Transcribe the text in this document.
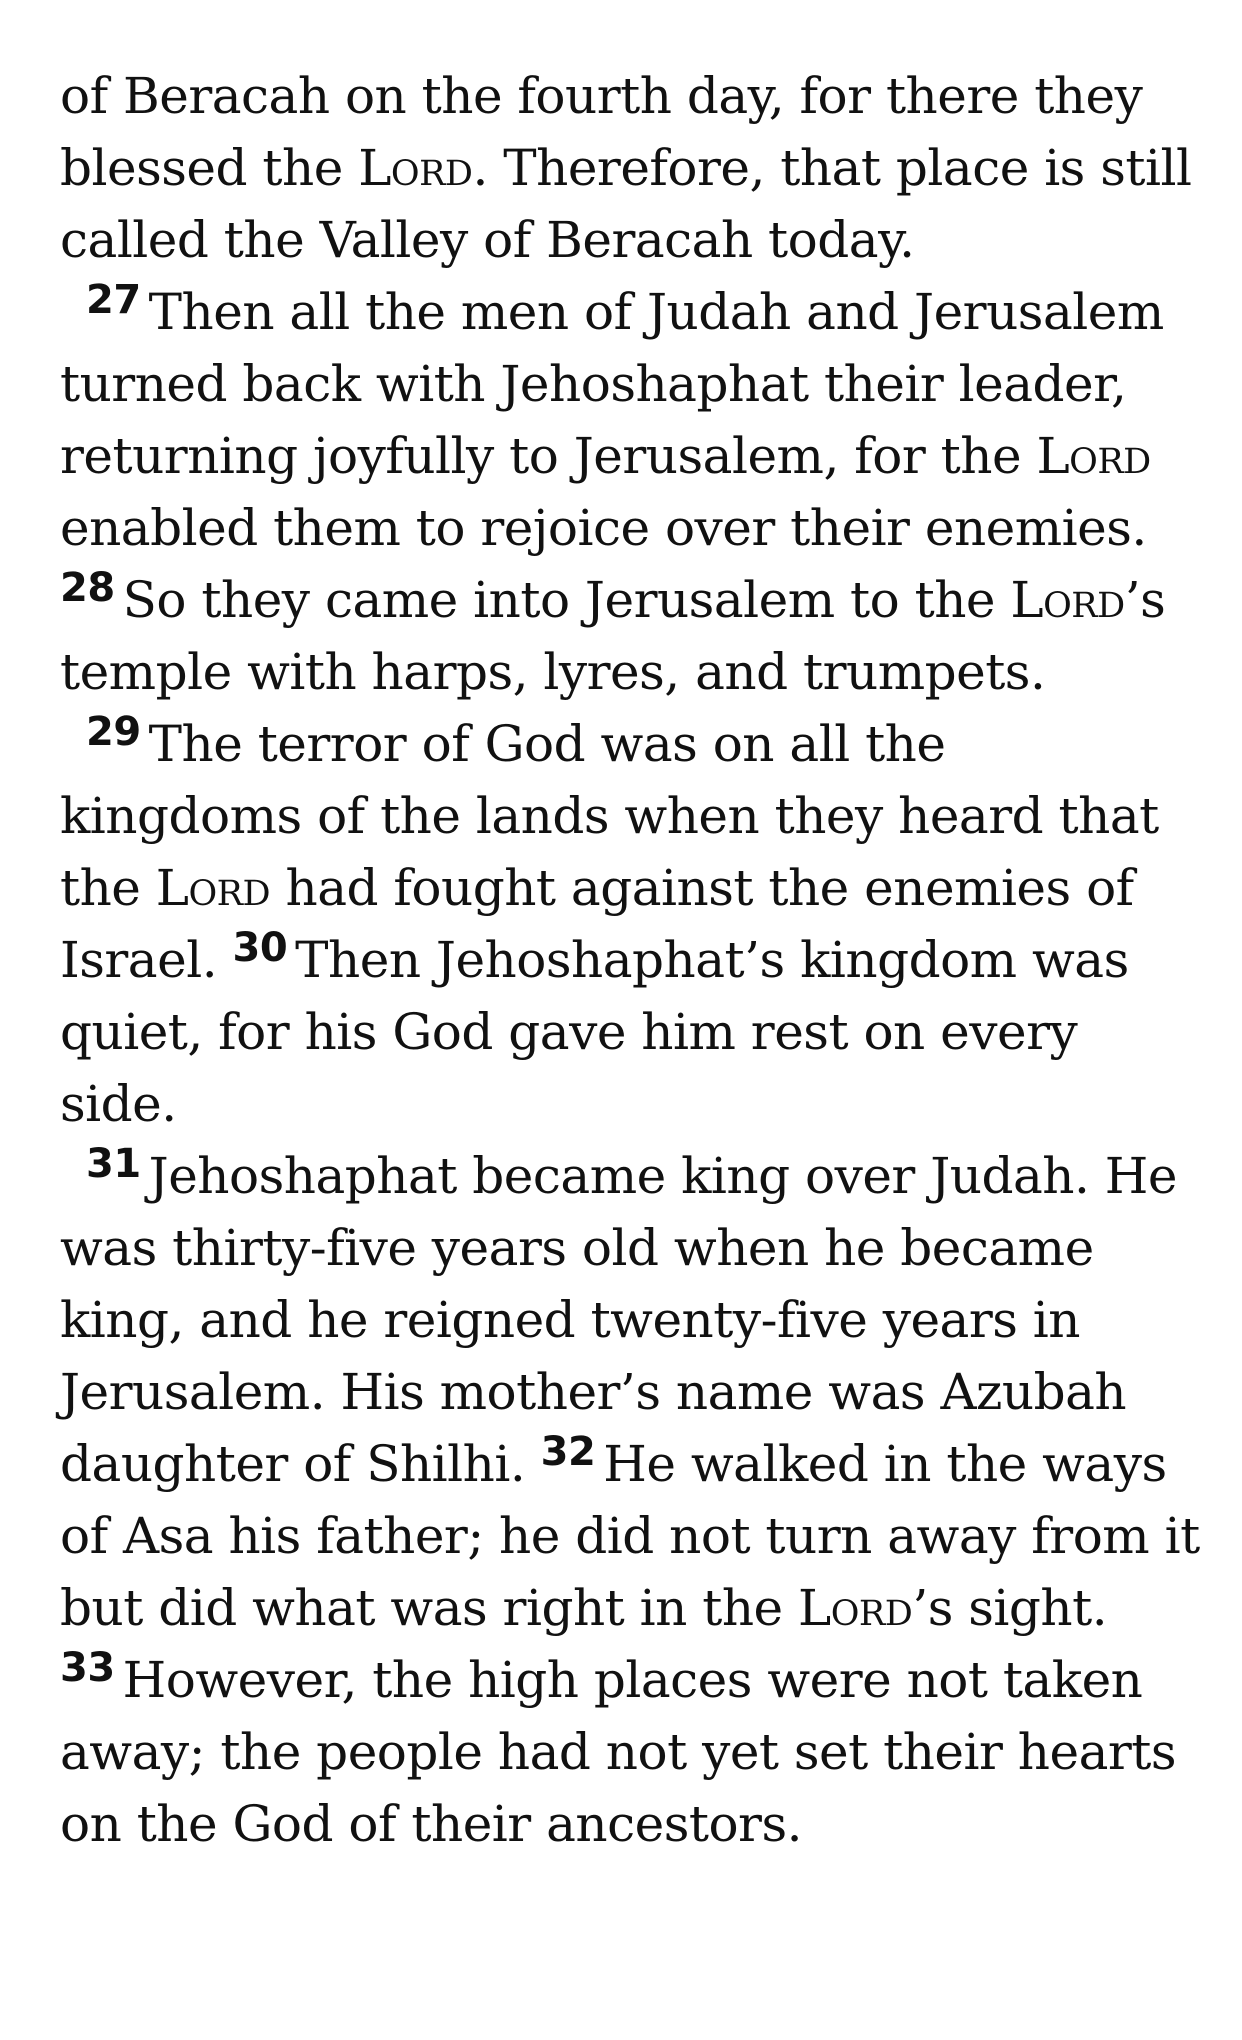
of Beracah on the fourth day, for there they blessed the Lord. Therefore, that place is still called the Valley of Beracah today.

$^{27}$ Then all the men of Judah and Jerusalem turned back with Jehoshaphat their leader, returning joyfully to Jerusalem, for the Lord enabled them to rejoice over their enemies. $^{28}$ So they came into Jerusalem to the Lord’s temple with harps, lyres, and trumpets.

$^{29}$ The terror of God was on all the kingdoms of the lands when they heard that the Lord had fought against the enemies of Israel. $^{30}$ Then Jehoshaphat’s kingdom was quiet, for his God gave him rest on every side.

$^{31}$ Jehoshaphat became king over Judah. He was thirty-five years old when he became king, and he reigned twenty-five years in Jerusalem. His mother’s name was Azubah daughter of Shilhi. $^{32}$ He walked in the ways of Asa his father; he did not turn away from it but did what was right in the Lord’s sight. $^{33}$ However, the high places were not taken away; the people had not yet set their hearts on the God of their ancestors.
